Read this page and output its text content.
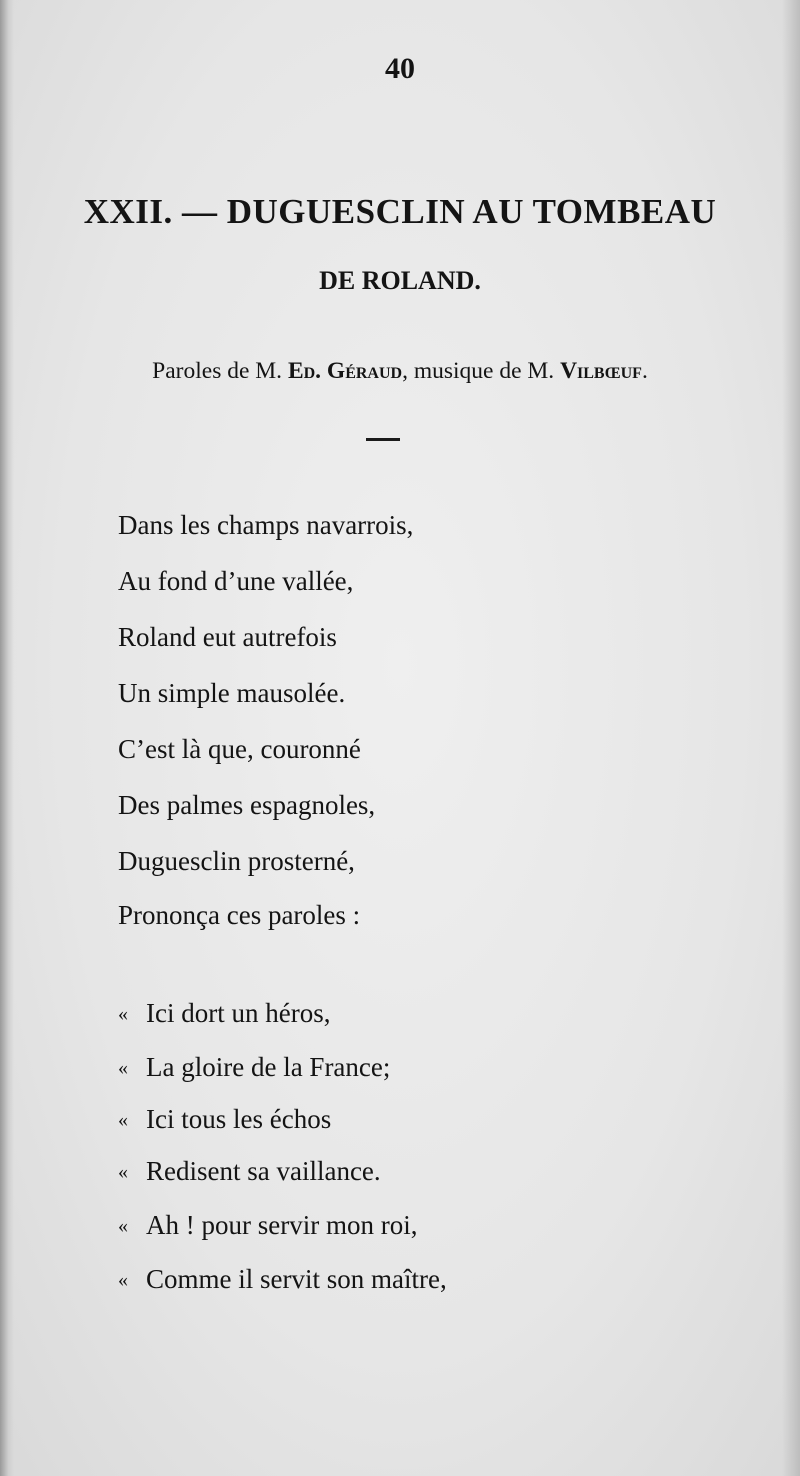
40
XXII. — DUGUESCLIN AU TOMBEAU
DE ROLAND.
Paroles de M. Ed. Géraud, musique de M. Vilbœuf.
Dans les champs navarrois,
Au fond d’une vallée,
Roland eut autrefois
Un simple mausolée.
C’est là que, couronné
Des palmes espagnoles,
Duguesclin prosterné,
Prononça ces paroles :
« Ici dort un héros,
« La gloire de la France;
« Ici tous les échos
« Redisent sa vaillance.
« Ah ! pour servir mon roi,
« Comme il servit son maître,
